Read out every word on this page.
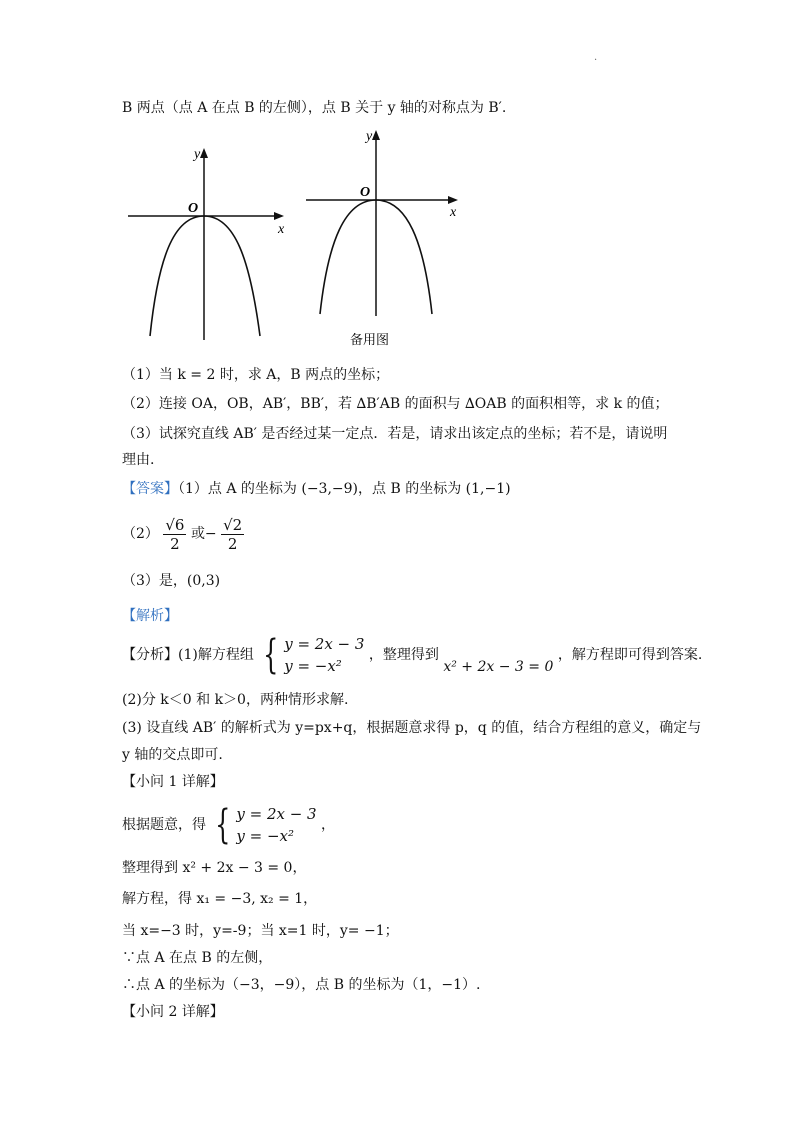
.
B 两点（点 A 在点 B 的左侧），点 B 关于 y 轴的对称点为 B′.
x
y
O	x
y
O
备用图
（1）当 k = 2 时，求 A，B 两点的坐标；
（2）连接 OA，OB，AB′，BB′，若 ∆B′AB 的面积与 ∆OAB 的面积相等，求 k 的值；
（3）试探究直线 AB′ 是否经过某一定点．若是，请求出该定点的坐标；若不是，请说明
理由.
【答案】（1）点 A 的坐标为 (−3,−9)，点 B 的坐标为 (1,−1)
$(2) \frac{√6}{2}$ 或− $\frac{√2}{2}$
（3）是，(0,3)
【解析】
【分析】(1)解方程组 { y = 2x − 3
y = −x²
，整理得到 x² + 2x − 3 = 0 ，解方程即可得到答案.
(2)分 k＜0 和 k＞0，两种情形求解.
(3) 设直线 AB′ 的解析式为 y=px+q，根据题意求得 p，q 的值，结合方程组的意义，确定与
y 轴的交点即可.
【小问 1 详解】
根据题意，得 { y = 2x − 3
y = −x²
，
整理得到 x² + 2x − 3 = 0，
解方程，得 x₁ = −3, x₂ = 1，
当 x=−3 时，y=-9；当 x=1 时，y= −1；
∵点 A 在点 B 的左侧，
∴点 A 的坐标为（−3，−9），点 B 的坐标为（1，−1）.
【小问 2 详解】
